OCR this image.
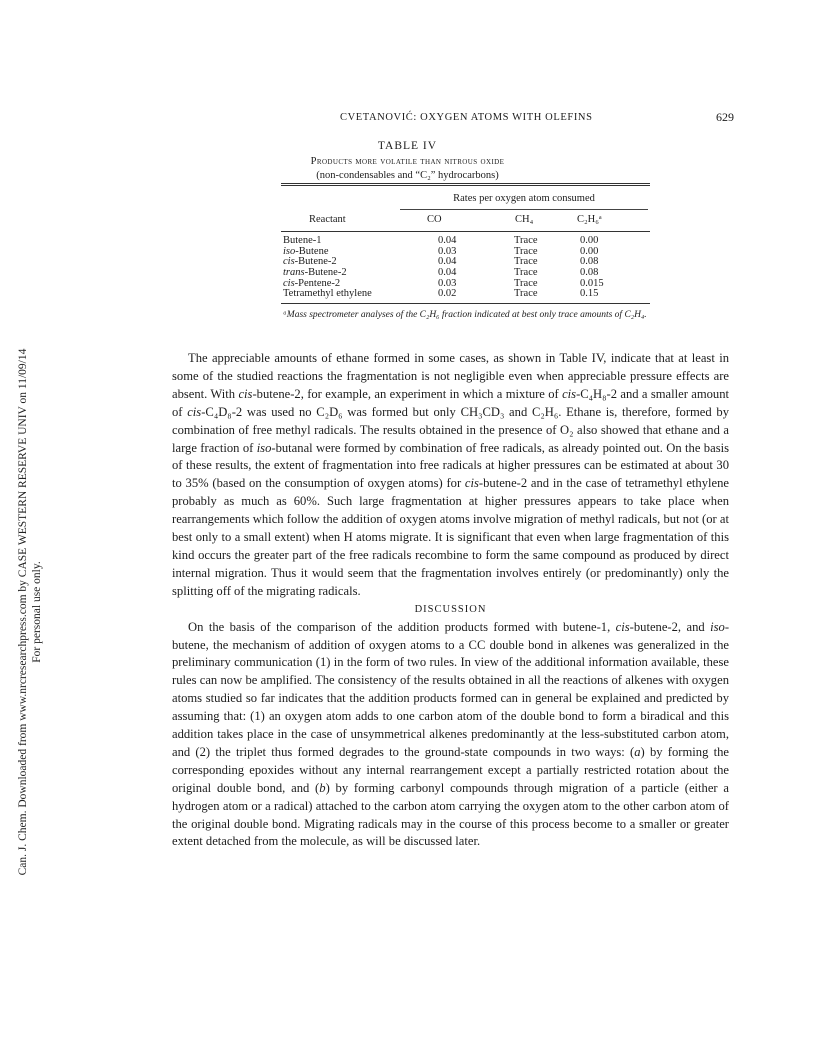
Can. J. Chem. Downloaded from www.nrcresearchpress.com by CASE WESTERN RESERVE UNIV on 11/09/14 For personal use only.
CVETANOVIĆ: OXYGEN ATOMS WITH OLEFINS	629
TABLE IV
Products more volatile than nitrous oxide
(non-condensables and “C₂” hydrocarbons)
Rates per oxygen atom consumed
Reactant	CO	CH₄	C₂H₆ᵃ
Butene-1	0.04	Trace	0.00
iso-Butene	0.03	Trace	0.00
cis-Butene-2	0.04	Trace	0.08
trans-Butene-2	0.04	Trace	0.08
cis-Pentene-2	0.03	Trace	0.015
Tetramethyl ethylene	0.02	Trace	0.15
ᵃMass spectrometer analyses of the C₂H₆ fraction indicated at best only trace amounts of C₂H₄.

The appreciable amounts of ethane formed in some cases, as shown in Table IV, indicate that at least in some of the studied reactions the fragmentation is not negligible even when appreciable pressure effects are absent. With cis-butene-2, for example, an experiment in which a mixture of cis-C₄H₈-2 and a smaller amount of cis-C₄D₈-2 was used no C₂D₆ was formed but only CH₃CD₃ and C₂H₆. Ethane is, therefore, formed by combination of free methyl radicals. The results obtained in the presence of O₂ also showed that ethane and a large fraction of iso-butanal were formed by combination of free radicals, as already pointed out. On the basis of these results, the extent of fragmentation into free radicals at higher pressures can be estimated at about 30 to 35% (based on the consumption of oxygen atoms) for cis-butene-2 and in the case of tetramethyl ethylene probably as much as 60%. Such large fragmentation at higher pressures appears to take place when rearrangements which follow the addition of oxygen atoms involve migration of methyl radicals, but not (or at best only to a small extent) when H atoms migrate. It is significant that even when large fragmentation of this kind occurs the greater part of the free radicals recombine to form the same compound as produced by direct internal migration. Thus it would seem that the fragmentation involves entirely (or predominantly) only the splitting off of the migrating radicals.

DISCUSSION

On the basis of the comparison of the addition products formed with butene-1, cis-butene-2, and iso-butene, the mechanism of addition of oxygen atoms to a CC double bond in alkenes was generalized in the preliminary communication (1) in the form of two rules. In view of the additional information available, these rules can now be amplified. The consistency of the results obtained in all the reactions of alkenes with oxygen atoms studied so far indicates that the addition products formed can in general be explained and predicted by assuming that: (1) an oxygen atom adds to one carbon atom of the double bond to form a biradical and this addition takes place in the case of unsymmetrical alkenes predominantly at the less-substituted carbon atom, and (2) the triplet thus formed degrades to the ground-state compounds in two ways: (a) by forming the corresponding epoxides without any internal rearrangement except a partially restricted rotation about the original double bond, and (b) by forming carbonyl compounds through migration of a particle (either a hydrogen atom or a radical) attached to the carbon atom carrying the oxygen atom to the other carbon atom of the original double bond. Migrating radicals may in the course of this process become to a smaller or greater extent detached from the molecule, as will be discussed later.
